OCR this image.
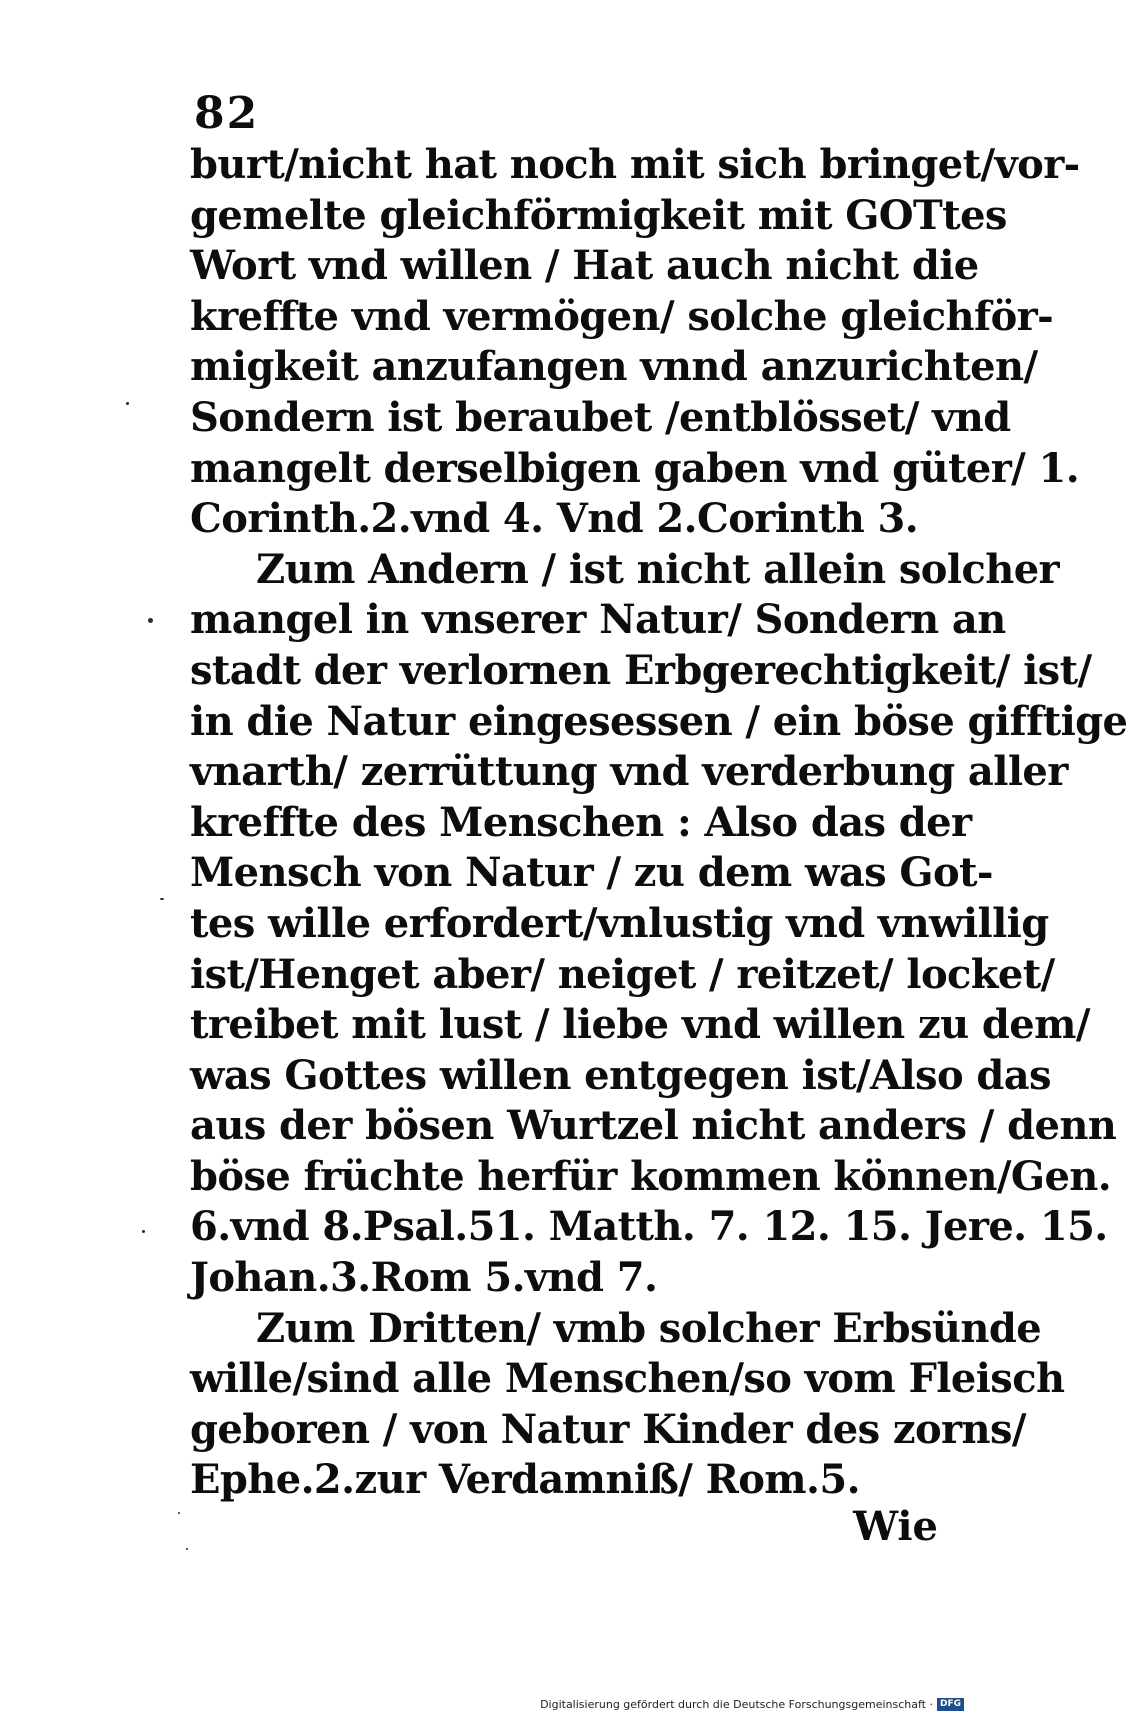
82
burt/nicht hat noch mit sich bringet/vor-
gemelte gleichförmigkeit mit GOTtes
Wort vnd willen / Hat auch nicht die
kreffte vnd vermögen/ solche gleichför-
migkeit anzufangen vnnd anzurichten/
Sondern ist beraubet /entblösset/ vnd
mangelt derselbigen gaben vnd güter/ 1.
Corinth.2.vnd 4. Vnd 2.Corinth 3.
Zum Andern / ist nicht allein solcher
mangel in vnserer Natur/ Sondern an
stadt der verlornen Erbgerechtigkeit/ ist/
in die Natur eingesessen / ein böse gifftige
vnarth/ zerrüttung vnd verderbung aller
kreffte des Menschen : Also das der
Mensch von Natur / zu dem was Got-
tes wille erfordert/vnlustig vnd vnwillig
ist/Henget aber/ neiget / reitzet/ locket/
treibet mit lust / liebe vnd willen zu dem/
was Gottes willen entgegen ist/Also das
aus der bösen Wurtzel nicht anders / denn
böse früchte herfür kommen können/Gen.
6.vnd 8.Psal.51. Matth. 7. 12. 15. Jere. 15.
Johan.3.Rom 5.vnd 7.
Zum Dritten/ vmb solcher Erbsünde
wille/sind alle Menschen/so vom Fleisch
geboren / von Natur Kinder des zorns/
Ephe.2.zur Verdamniß/ Rom.5.
Wie
Digitalisierung gefördert durch die Deutsche Forschungsgemeinschaft · DFG
